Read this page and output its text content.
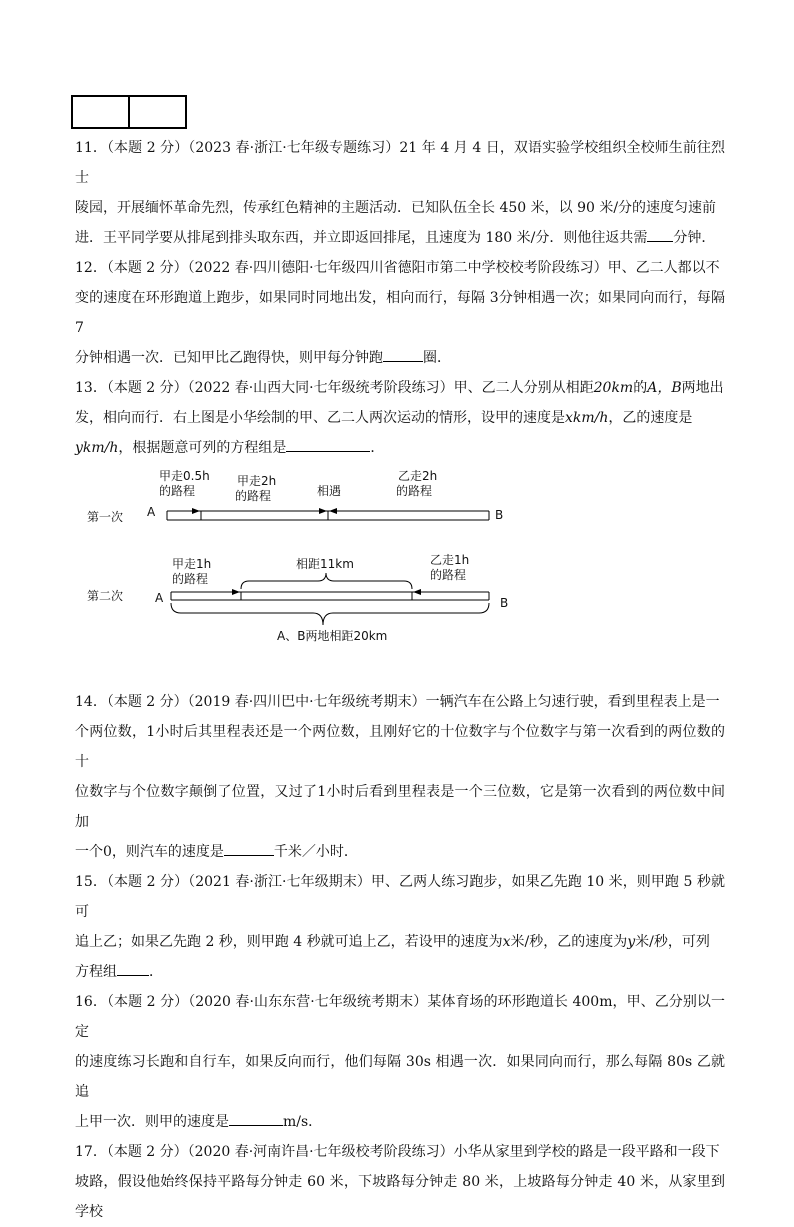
11．（本题 2 分）（2023 春·浙江·七年级专题练习）21 年 4 月 4 日，双语实验学校组织全校师生前往烈士
陵园，开展缅怀革命先烈，传承红色精神的主题活动．已知队伍全长 450 米，以 90 米/分的速度匀速前
进．王平同学要从排尾到排头取东西，并立即返回排尾，且速度为 180 米/分．则他往返共需 分钟．

12．（本题 2 分）（2022 春·四川德阳·七年级四川省德阳市第二中学校校考阶段练习）甲、乙二人都以不
变的速度在环形跑道上跑步，如果同时同地出发，相向而行，每隔 3分钟相遇一次；如果同向而行，每隔 7
分钟相遇一次．已知甲比乙跑得快，则甲每分钟跑	圈．

13．（本题 2 分）（2022 春·山西大同·七年级统考阶段练习）甲、乙二人分别从相距20km的A，B两地出
发，相向而行．右上图是小华绘制的甲、乙二人两次运动的情形，设甲的速度是xkm/h，乙的速度是
ykm/h，根据题意可列的方程组是	．

甲走0.5h
的路程
甲走2h
的路程	相遇
乙走2h
的路程
第一次 A	B
甲走1h
的路程
相距11km	乙走1h
的路程
第二次	A	B
A、B两地相距20km

14．（本题 2 分）（2019 春·四川巴中·七年级统考期末）一辆汽车在公路上匀速行驶，看到里程表上是一
个两位数，1小时后其里程表还是一个两位数，且刚好它的十位数字与个位数字与第一次看到的两位数的十
位数字与个位数字颠倒了位置，又过了1小时后看到里程表是一个三位数，它是第一次看到的两位数中间加
一个0，则汽车的速度是	千米／小时．

15．（本题 2 分）（2021 春·浙江·七年级期末）甲、乙两人练习跑步，如果乙先跑 10 米，则甲跑 5 秒就可
追上乙；如果乙先跑 2 秒，则甲跑 4 秒就可追上乙，若设甲的速度为x米/秒，乙的速度为y米/秒，可列
方程组 ．

16．（本题 2 分）（2020 春·山东东营·七年级统考期末）某体育场的环形跑道长 400m，甲、乙分别以一定
的速度练习长跑和自行车，如果反向而行，他们每隔 30s 相遇一次．如果同向而行，那么每隔 80s 乙就追
上甲一次．则甲的速度是	m/s．

17．（本题 2 分）（2020 春·河南许昌·七年级校考阶段练习）小华从家里到学校的路是一段平路和一段下
坡路，假设他始终保持平路每分钟走 60 米，下坡路每分钟走 80 米，上坡路每分钟走 40 米，从家里到学校
